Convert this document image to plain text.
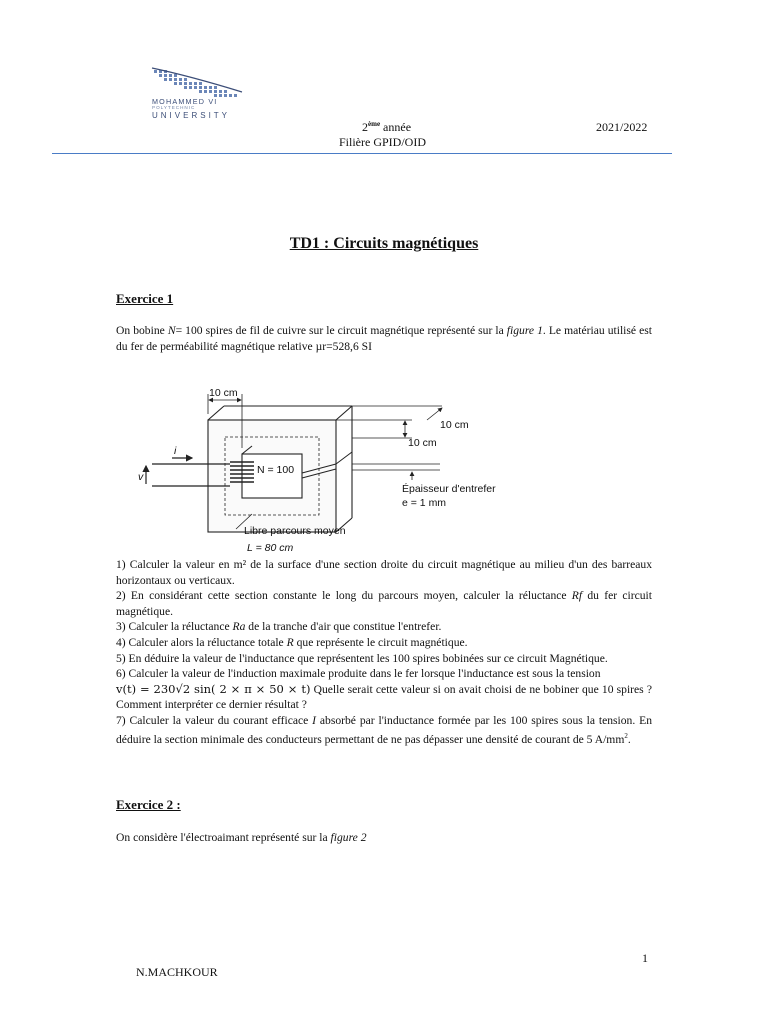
MOHAMMED VI
POLYTECHNIC
UNIVERSITY
2ème année
Filière GPID/OID
2021/2022
TD1 : Circuits magnétiques
Exercice 1
On bobine N= 100 spires de fil de cuivre sur le circuit magnétique représenté sur la figure 1. Le matériau utilisé est du fer de perméabilité magnétique relative µr=528,6 SI
10 cm
10 cm
10 cm
i
v
N = 100
Épaisseur d'entrefer
e = 1 mm
Libre parcours moyen
L = 80 cm

1) Calculer la valeur en m² de la surface d'une section droite du circuit magnétique au milieu d'un des barreaux horizontaux ou verticaux.

2) En considérant cette section constante le long du parcours moyen, calculer la réluctance Rf du fer circuit magnétique.

3) Calculer la réluctance Ra de la tranche d'air que constitue l'entrefer.

4) Calculer alors la réluctance totale R que représente le circuit magnétique.

5) En déduire la valeur de l'inductance que représentent les 100 spires bobinées sur ce circuit Magnétique.

6) Calculer la valeur de l'induction maximale produite dans le fer lorsque l'inductance est sous la tension
v(t) = 230√2 sin( 2 × π × 50 × t) Quelle serait cette valeur si on avait choisi de ne bobiner que 10 spires ? Comment interpréter ce dernier résultat ?

7) Calculer la valeur du courant efficace I absorbé par l'inductance formée par les 100 spires sous la tension. En déduire la section minimale des conducteurs permettant de ne pas dépasser une densité de courant de 5 $A/mm^2$.

Exercice 2 :
On considère l'électroaimant représenté sur la figure 2
1
N.MACHKOUR
